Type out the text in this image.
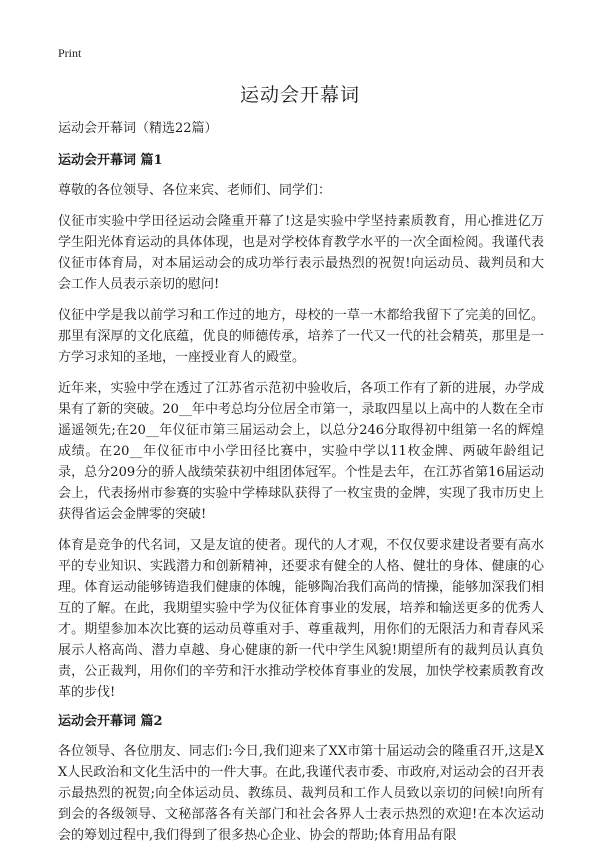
Print
运动会开幕词

运动会开幕词（精选22篇）

运动会开幕词 篇1

尊敬的各位领导、各位来宾、老师们、同学们：

仪征市实验中学田径运动会隆重开幕了!这是实验中学坚持素质教育，用心推进亿万学生阳光体育运动的具体体现，也是对学校体育教学水平的一次全面检阅。我谨代表仪征市体育局，对本届运动会的成功举行表示最热烈的祝贺!向运动员、裁判员和大会工作人员表示亲切的慰问!

仪征中学是我以前学习和工作过的地方，母校的一草一木都给我留下了完美的回忆。那里有深厚的文化底蕴，优良的师德传承，培养了一代又一代的社会精英，那里是一方学习求知的圣地，一座授业育人的殿堂。

近年来，实验中学在透过了江苏省示范初中验收后，各项工作有了新的进展，办学成果有了新的突破。20__年中考总均分位居全市第一，录取四星以上高中的人数在全市遥遥领先;在20__年仪征市第三届运动会上，以总分246分取得初中组第一名的辉煌成绩。在20__年仪征市中小学田径比赛中，实验中学以11枚金牌、两破年龄组记录，总分209分的骄人战绩荣获初中组团体冠军。个性是去年，在江苏省第16届运动会上，代表扬州市参赛的实验中学棒球队获得了一枚宝贵的金牌，实现了我市历史上获得省运会金牌零的突破!

体育是竞争的代名词，又是友谊的使者。现代的人才观，不仅仅要求建设者要有高水平的专业知识、实践潜力和创新精神，还要求有健全的人格、健壮的身体、健康的心理。体育运动能够铸造我们健康的体魄，能够陶冶我们高尚的情操，能够加深我们相互的了解。在此，我期望实验中学为仪征体育事业的发展，培养和输送更多的优秀人才。期望参加本次比赛的运动员尊重对手、尊重裁判，用你们的无限活力和青春风采展示人格高尚、潜力卓越、身心健康的新一代中学生风貌!期望所有的裁判员认真负责，公正裁判，用你们的辛劳和汗水推动学校体育事业的发展，加快学校素质教育改革的步伐!

运动会开幕词 篇2

各位领导、各位朋友、同志们:今日,我们迎来了XX市第十届运动会的隆重召开,这是XX人民政治和文化生活中的一件大事。在此,我谨代表市委、市政府,对运动会的召开表示最热烈的祝贺;向全体运动员、教练员、裁判员和工作人员致以亲切的问候!向所有到会的各级领导、文秘部落各有关部门和社会各界人士表示热烈的欢迎!在本次运动会的筹划过程中,我们得到了很多热心企业、协会的帮助;体育用品有限
